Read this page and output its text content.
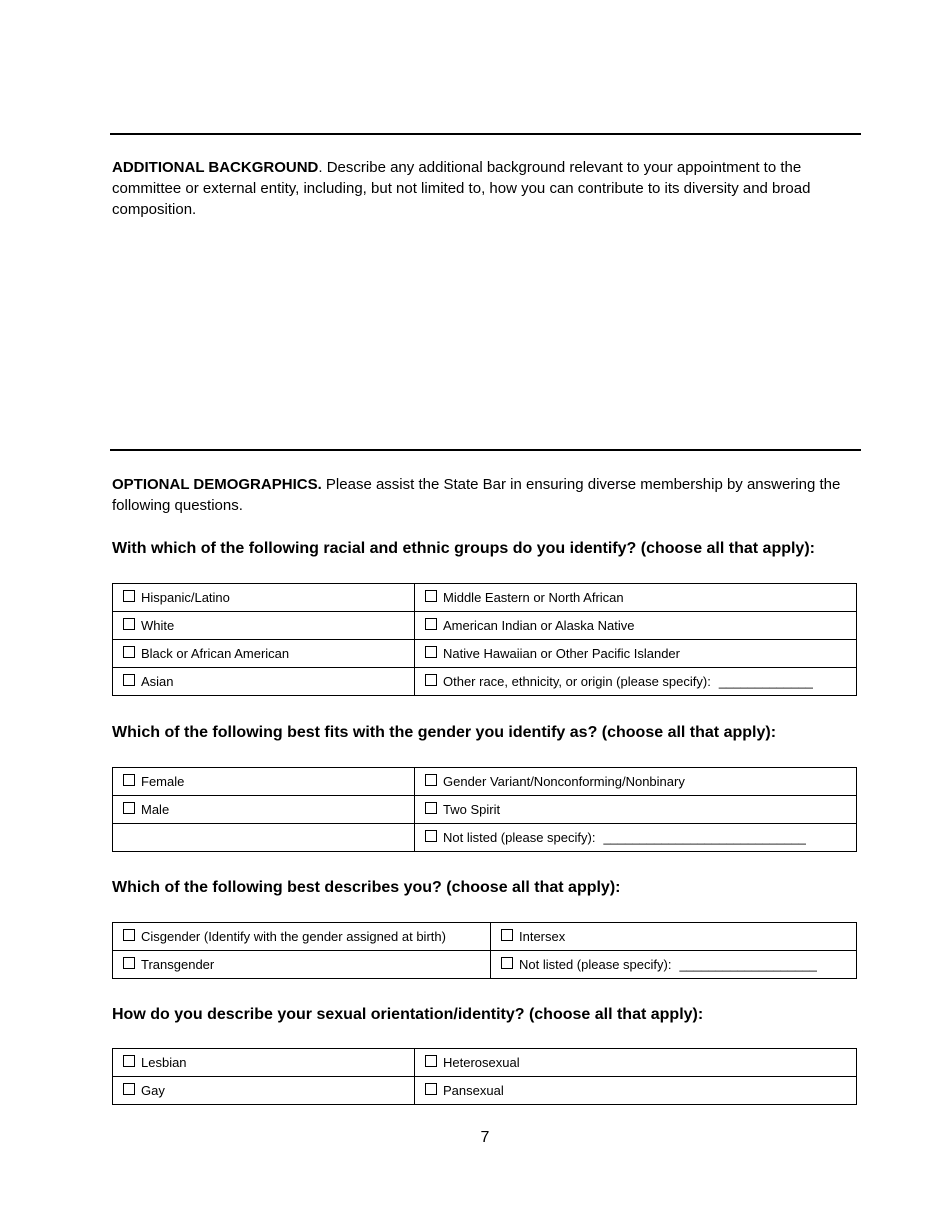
ADDITIONAL BACKGROUND. Describe any additional background relevant to your appointment to the committee or external entity, including, but not limited to, how you can contribute to its diversity and broad composition.
OPTIONAL DEMOGRAPHICS. Please assist the State Bar in ensuring diverse membership by answering the following questions.
With which of the following racial and ethnic groups do you identify? (choose all that apply):
Hispanic/Latino	Middle Eastern or North African

White	American Indian or Alaska Native

Black or African American	Native Hawaiian or Other Pacific Islander

Asian	Other race, ethnicity, or origin (please specify): _____________
Which of the following best fits with the gender you identify as? (choose all that apply):
Female	Gender Variant/Nonconforming/Nonbinary

Male	Two Spirit

	Not listed (please specify): ____________________________
Which of the following best describes you? (choose all that apply):
Cisgender (Identify with the gender assigned at birth)	Intersex

Transgender	Not listed (please specify): ___________________
How do you describe your sexual orientation/identity? (choose all that apply):
Lesbian	Heterosexual

Gay	Pansexual
7
